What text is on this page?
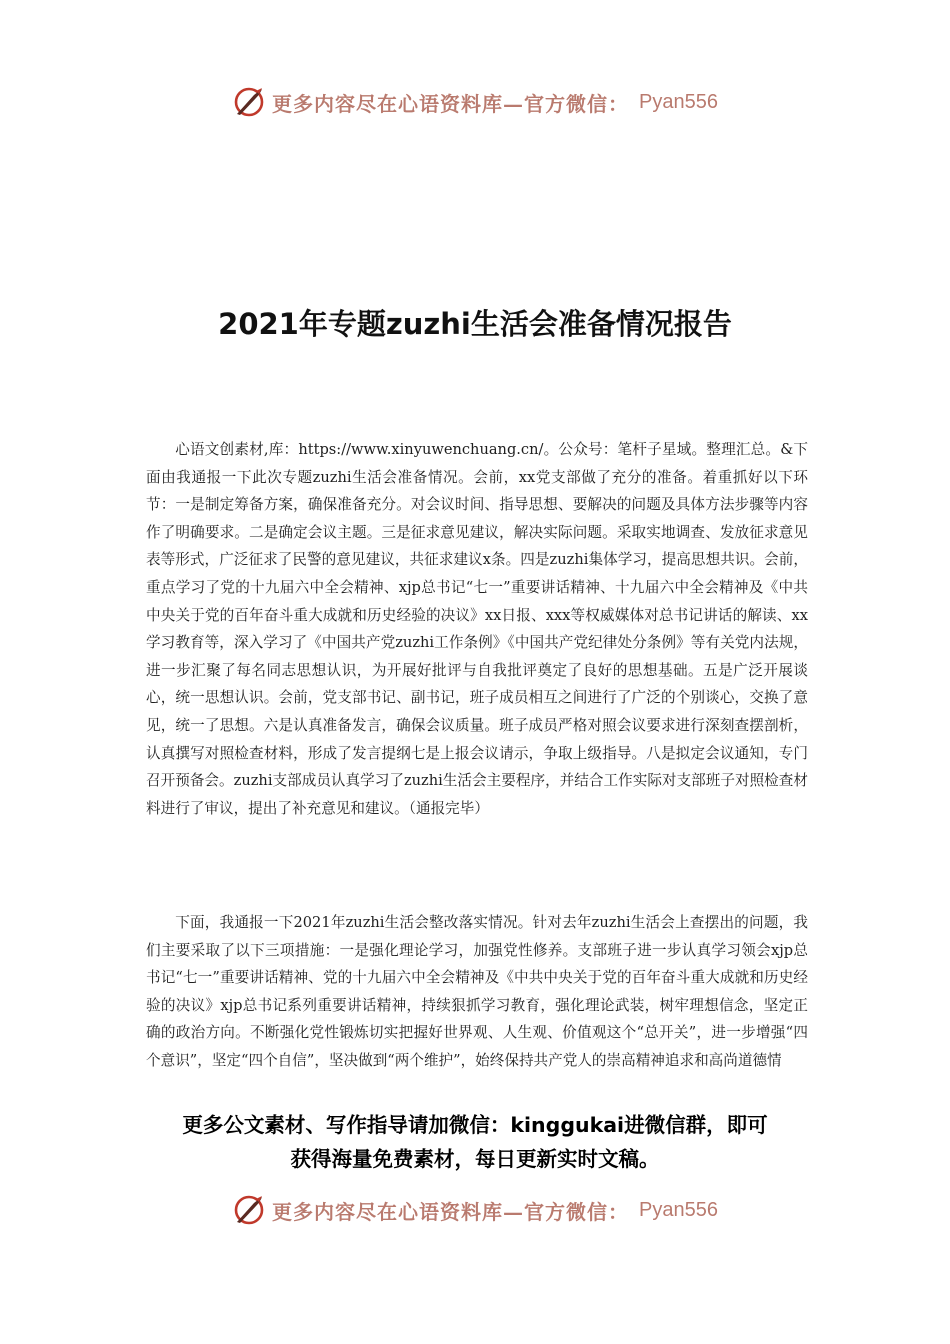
更多内容尽在心语资料库—官方微信： Pyan556
2021年专题zuzhi生活会准备情况报告

心语文创素材,库：https://www.xinyuwenchuang.cn/。公众号：笔杆子星域。整理汇总。&下面由我通报一下此次专题zuzhi生活会准备情况。会前，xx党支部做了充分的准备。着重抓好以下环节：一是制定筹备方案，确保准备充分。对会议时间、指导思想、要解决的问题及具体方法步骤等内容作了明确要求。二是确定会议主题。三是征求意见建议，解决实际问题。采取实地调查、发放征求意见表等形式，广泛征求了民警的意见建议，共征求建议x条。四是zuzhi集体学习，提高思想共识。会前，重点学习了党的十九届六中全会精神、xjp总书记“七一”重要讲话精神、十九届六中全会精神及《中共中央关于党的百年奋斗重大成就和历史经验的决议》xx日报、xxx等权威媒体对总书记讲话的解读、xx学习教育等，深入学习了《中国共产党zuzhi工作条例》《中国共产党纪律处分条例》等有关党内法规，进一步汇聚了每名同志思想认识，为开展好批评与自我批评奠定了良好的思想基础。五是广泛开展谈心，统一思想认识。会前，党支部书记、副书记，班子成员相互之间进行了广泛的个别谈心，交换了意见，统一了思想。六是认真准备发言，确保会议质量。班子成员严格对照会议要求进行深刻查摆剖析，认真撰写对照检查材料，形成了发言提纲七是上报会议请示，争取上级指导。八是拟定会议通知，专门召开预备会。zuzhi支部成员认真学习了zuzhi生活会主要程序，并结合工作实际对支部班子对照检查材料进行了审议，提出了补充意见和建议。（通报完毕）

下面，我通报一下2021年zuzhi生活会整改落实情况。针对去年zuzhi生活会上查摆出的问题，我们主要采取了以下三项措施：一是强化理论学习，加强党性修养。支部班子进一步认真学习领会xjp总书记“七一”重要讲话精神、党的十九届六中全会精神及《中共中央关于党的百年奋斗重大成就和历史经验的决议》xjp总书记系列重要讲话精神，持续狠抓学习教育，强化理论武装，树牢理想信念，坚定正确的政治方向。不断强化党性锻炼切实把握好世界观、人生观、价值观这个“总开关”，进一步增强“四个意识”，坚定“四个自信”，坚决做到“两个维护”，始终保持共产党人的崇高精神追求和高尚道德情

更多公文素材、写作指导请加微信：kinggukai进微信群，即可
获得海量免费素材，每日更新实时文稿。
更多内容尽在心语资料库—官方微信： Pyan556
